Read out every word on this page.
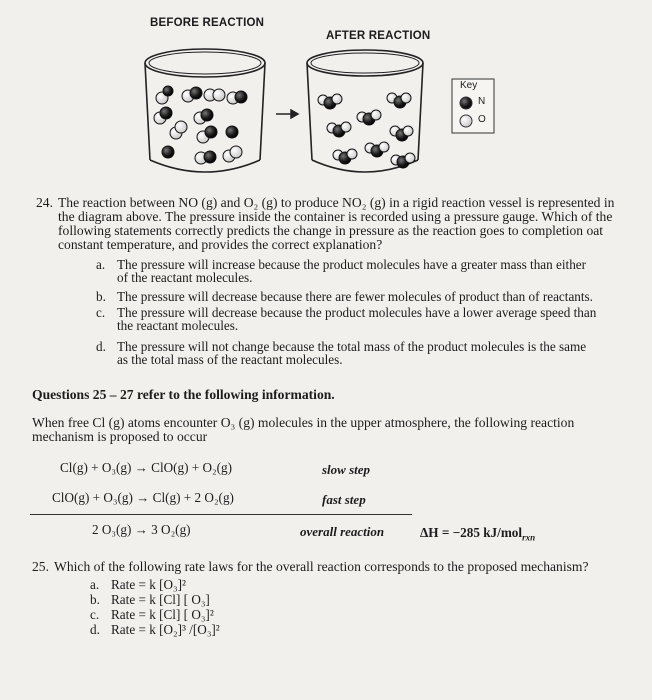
BEFORE REACTION
AFTER REACTION
Key
N
O
24. The reaction between NO (g) and O₂ (g) to produce NO₂ (g) in a rigid reaction vessel is represented in
the diagram above. The pressure inside the container is recorded using a pressure gauge. Which of the
following statements correctly predicts the change in pressure as the reaction goes to completion oat
constant temperature, and provides the correct explanation?
a. The pressure will increase because the product molecules have a greater mass than either
of the reactant molecules.
b. The pressure will decrease because there are fewer molecules of product than of reactants.
c. The pressure will decrease because the product molecules have a lower average speed than
the reactant molecules.
d. The pressure will not change because the total mass of the product molecules is the same
as the total mass of the reactant molecules.
Questions 25 – 27 refer to the following information.
When free Cl (g) atoms encounter O₃ (g) molecules in the upper atmosphere, the following reaction
mechanism is proposed to occur
Cl(g) + O₃(g) → ClO(g) + O₂(g)	slow step
ClO(g) + O₃(g) → Cl(g) + 2 O₂(g)	fast step
2 O₃(g) → 3 O₂(g)	overall reaction	ΔH = −285 kJ/mol$_{rxn}$
25. Which of the following rate laws for the overall reaction corresponds to the proposed mechanism?
a. Rate = k [O₃]²
b. Rate = k [Cl] [ O₃]
c. Rate = k [Cl] [ O₃]²
d. Rate = k [O₂]³ /[O₃]²
